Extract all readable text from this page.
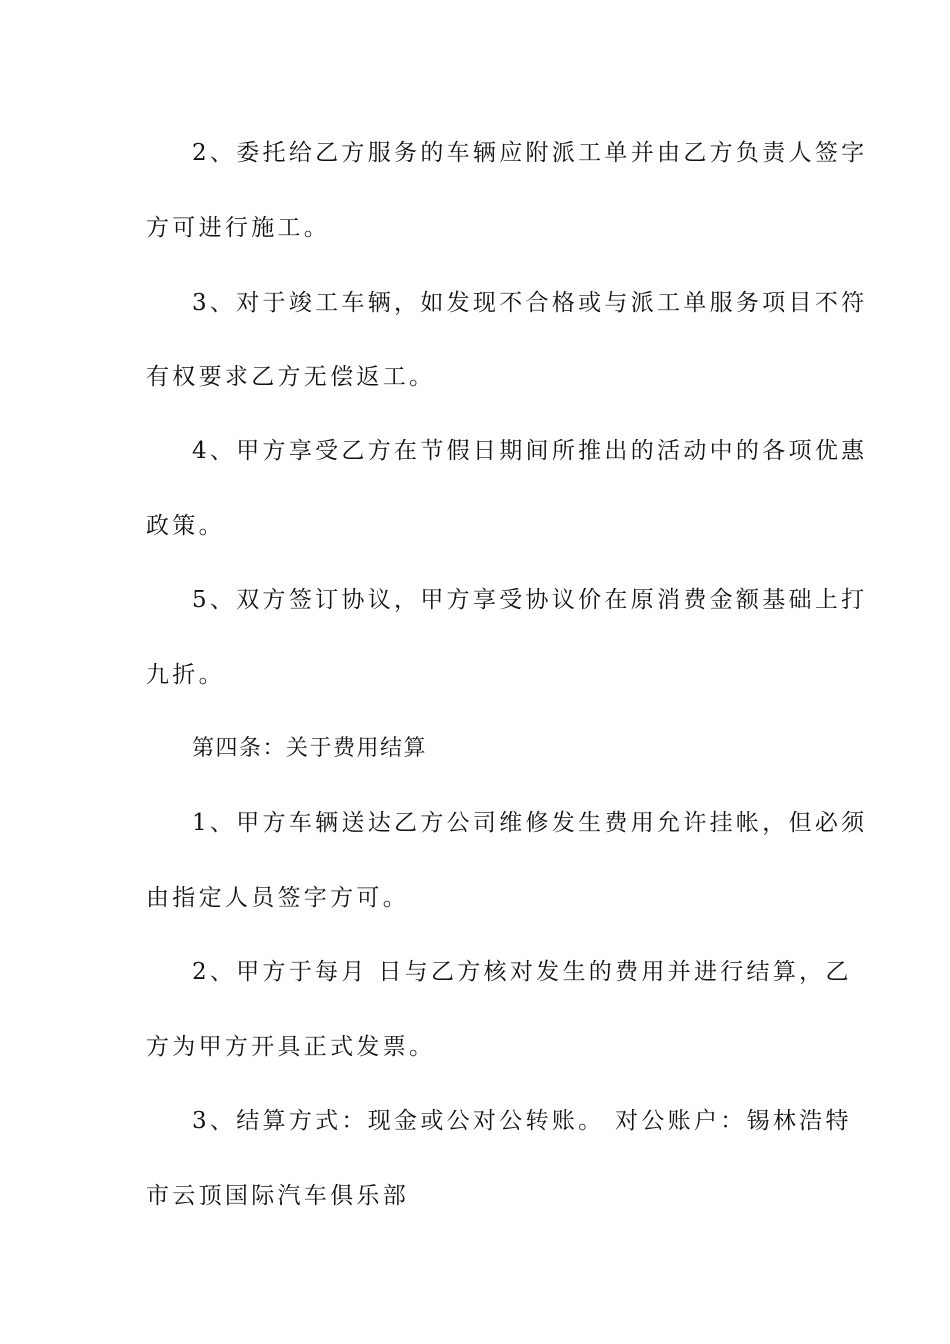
2、委托给乙方服务的车辆应附派工单并由乙方负责人签字
方可进行施工。
3、对于竣工车辆，如发现不合格或与派工单服务项目不符
有权要求乙方无偿返工。
4、甲方享受乙方在节假日期间所推出的活动中的各项优惠
政策。
5、双方签订协议，甲方享受协议价在原消费金额基础上打
九折。
第四条：关于费用结算
1、甲方车辆送达乙方公司维修发生费用允许挂帐，但必须
由指定人员签字方可。
2、甲方于每月 日与乙方核对发生的费用并进行结算，乙
方为甲方开具正式发票。
3、结算方式：现金或公对公转账。 对公账户：锡林浩特
市云顶国际汽车俱乐部
